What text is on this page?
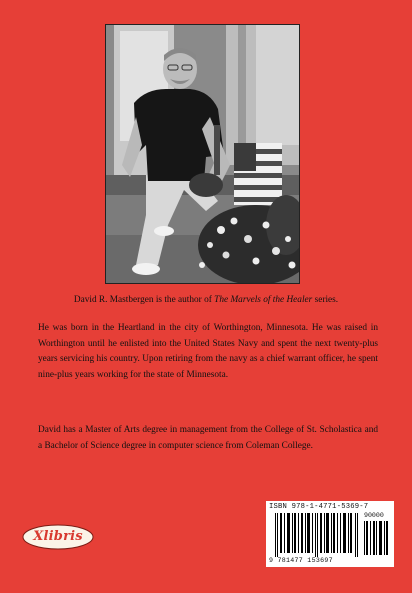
David R. Mastbergen is the author of The Marvels of the Healer series.

He was born in the Heartland in the city of Worthington, Minnesota. He was raised in Worthington until he enlisted into the United States Navy and spent the next twenty-plus years servicing his country. Upon retiring from the navy as a chief warrant officer, he spent nine-plus years working for the state of Minnesota.

David has a Master of Arts degree in management from the College of St. Scholastica and a Bachelor of Science degree in computer science from Coleman College.

Xlibris
ISBN 978-1-4771-5369-7
90000
9 781477 153697
